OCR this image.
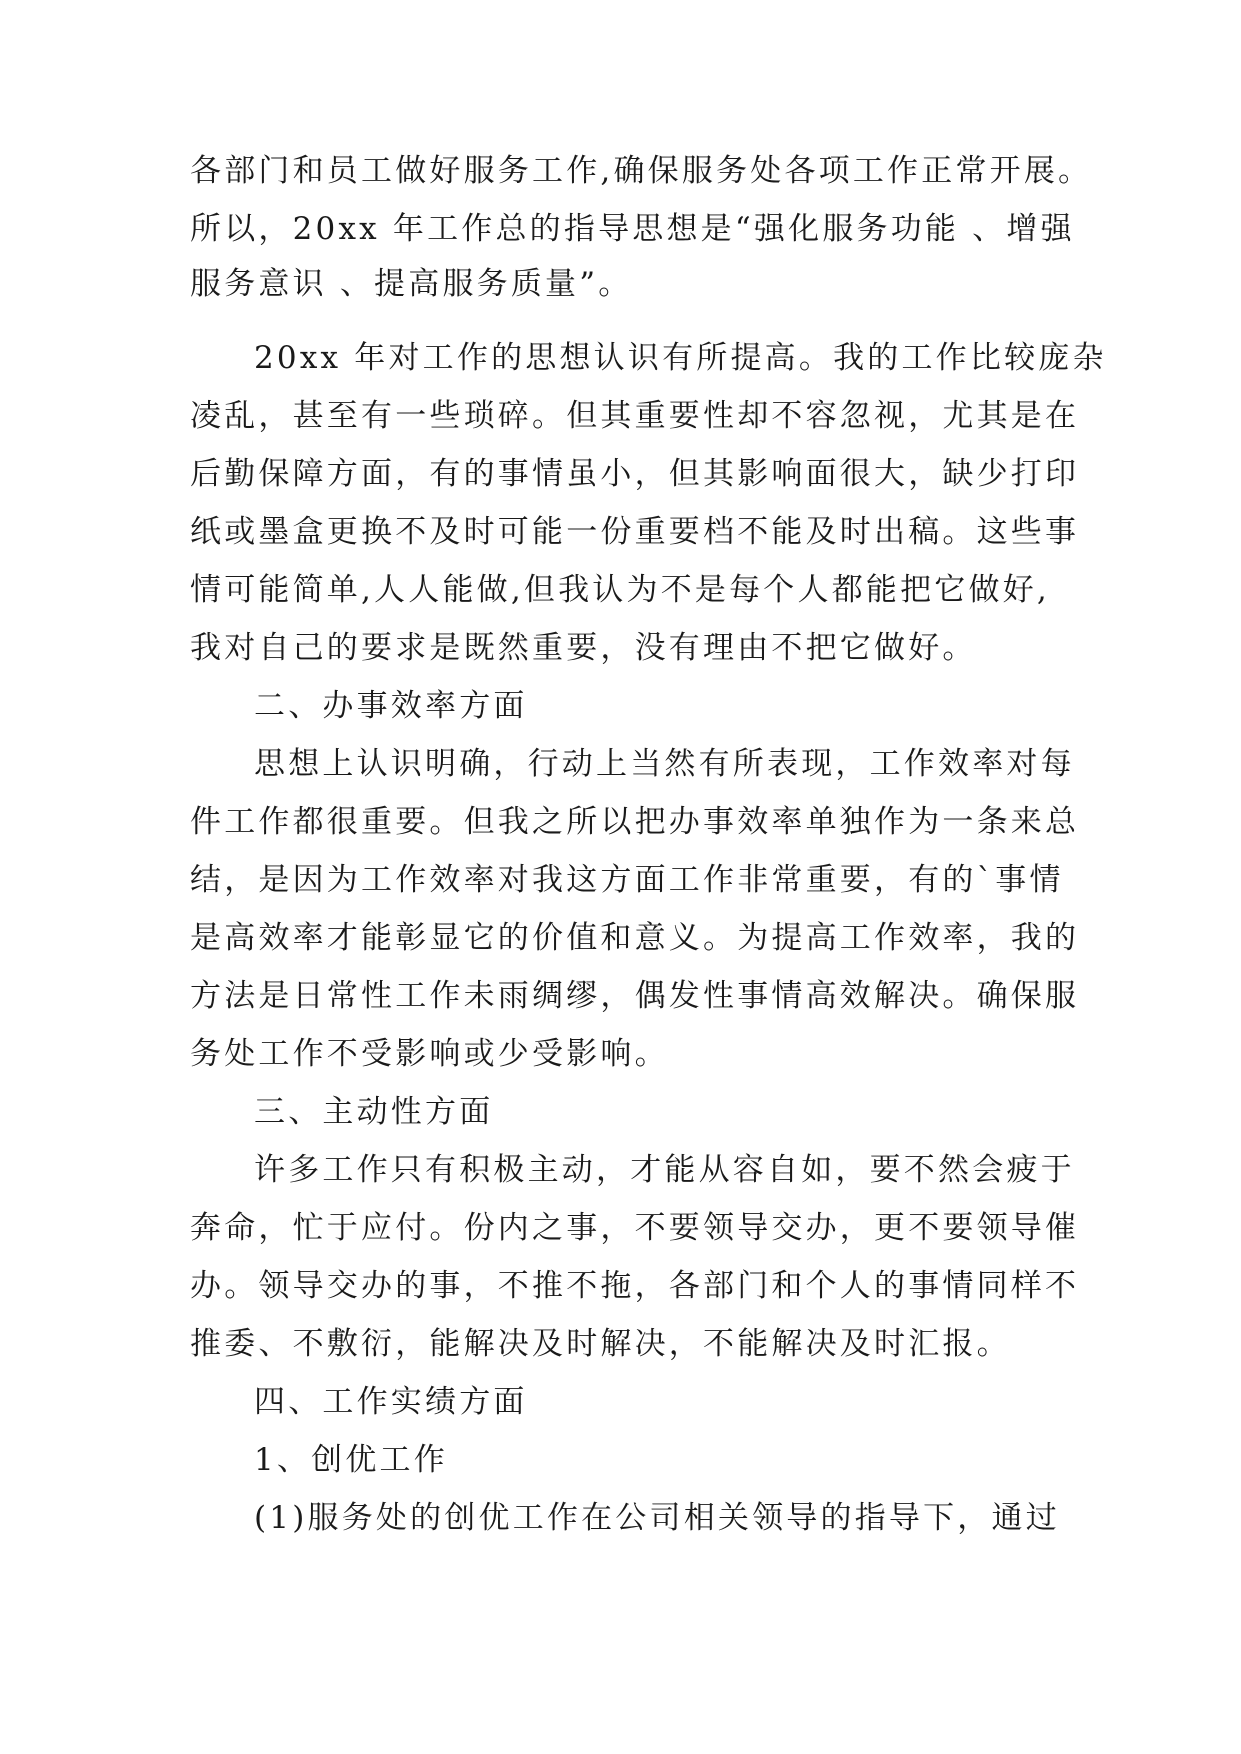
各部门和员工做好服务工作,确保服务处各项工作正常开展。
所以，20xx 年工作总的指导思想是“强化服务功能 、增强
服务意识 、提高服务质量”。
20xx 年对工作的思想认识有所提高。我的工作比较庞杂
凌乱，甚至有一些琐碎。但其重要性却不容忽视，尤其是在
后勤保障方面，有的事情虽小，但其影响面很大，缺少打印
纸或墨盒更换不及时可能一份重要档不能及时出稿。这些事
情可能简单,人人能做,但我认为不是每个人都能把它做好,
我对自己的要求是既然重要，没有理由不把它做好。
二、办事效率方面
思想上认识明确，行动上当然有所表现，工作效率对每
件工作都很重要。但我之所以把办事效率单独作为一条来总
结，是因为工作效率对我这方面工作非常重要，有的`事情
是高效率才能彰显它的价值和意义。为提高工作效率，我的
方法是日常性工作未雨绸缪，偶发性事情高效解决。确保服
务处工作不受影响或少受影响。
三、主动性方面
许多工作只有积极主动，才能从容自如，要不然会疲于
奔命，忙于应付。份内之事，不要领导交办，更不要领导催
办。领导交办的事，不推不拖，各部门和个人的事情同样不
推委、不敷衍，能解决及时解决，不能解决及时汇报。
四、工作实绩方面
1、创优工作
(1)服务处的创优工作在公司相关领导的指导下，通过
